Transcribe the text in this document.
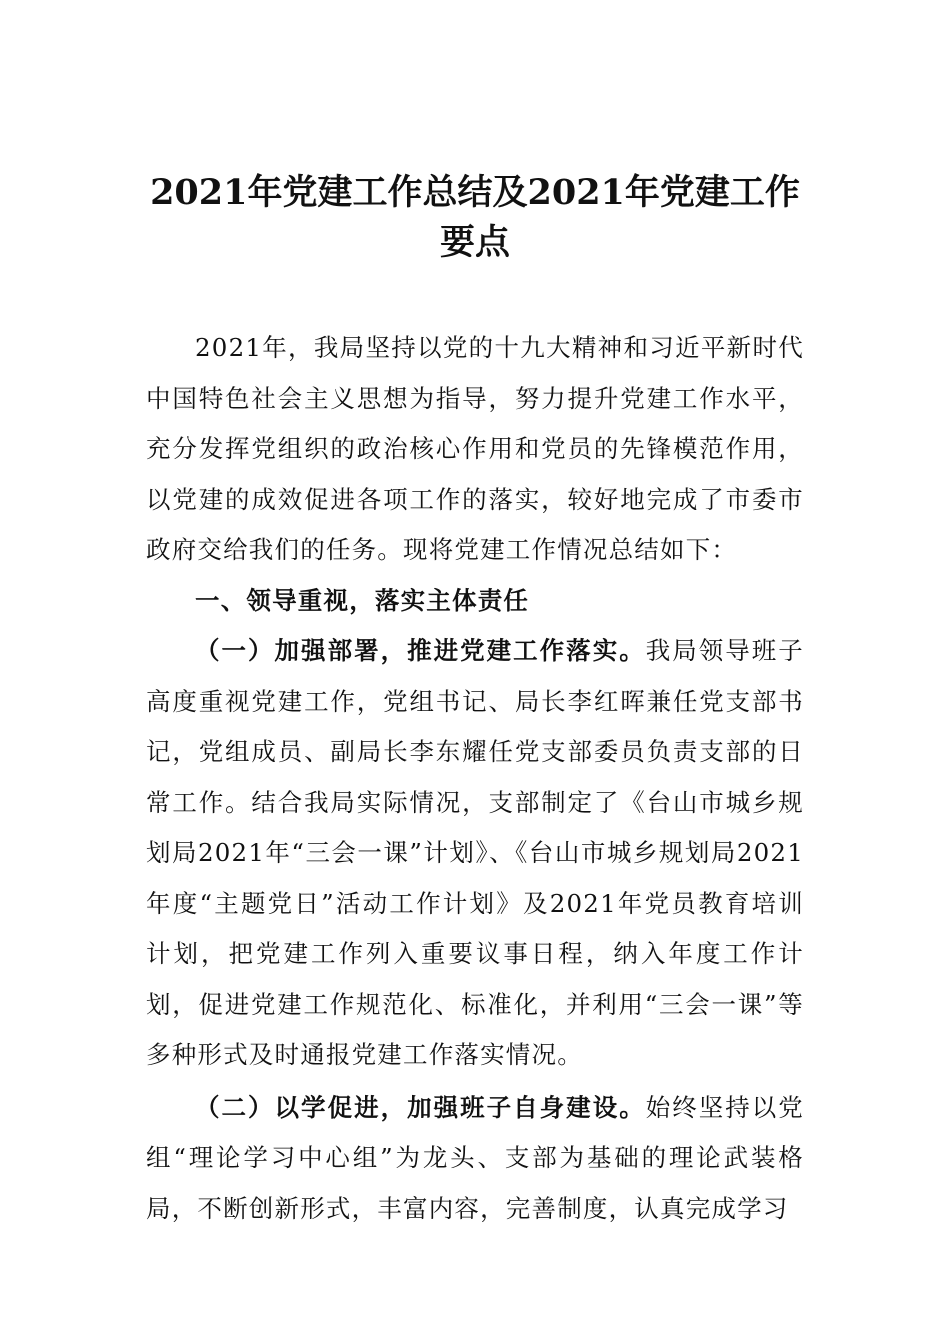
2021年党建工作总结及2021年党建工作要点

2021年，我局坚持以党的十九大精神和习近平新时代中国特色社会主义思想为指导，努力提升党建工作水平，充分发挥党组织的政治核心作用和党员的先锋模范作用，以党建的成效促进各项工作的落实，较好地完成了市委市政府交给我们的任务。现将党建工作情况总结如下：

一、领导重视，落实主体责任

（一）加强部署，推进党建工作落实。我局领导班子高度重视党建工作，党组书记、局长李红晖兼任党支部书记，党组成员、副局长李东耀任党支部委员负责支部的日常工作。结合我局实际情况，支部制定了《台山市城乡规划局2021年“三会一课”计划》、《台山市城乡规划局2021年度“主题党日”活动工作计划》及2021年党员教育培训计划，把党建工作列入重要议事日程，纳入年度工作计划，促进党建工作规范化、标准化，并利用“三会一课”等多种形式及时通报党建工作落实情况。

（二）以学促进，加强班子自身建设。始终坚持以党组“理论学习中心组”为龙头、支部为基础的理论武装格局，不断创新形式，丰富内容，完善制度，认真完成学习
